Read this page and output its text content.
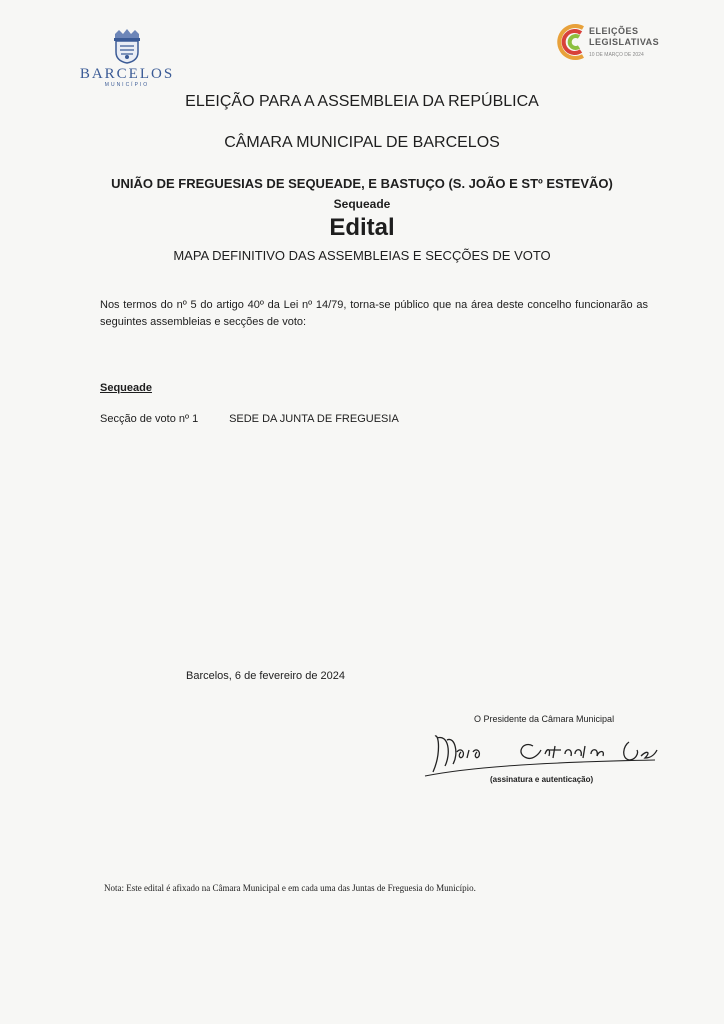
BARCELOS
MUNICÍPIO
ELEIÇÕES
LEGISLATIVAS
10 DE MARÇO DE 2024
ELEIÇÃO PARA A ASSEMBLEIA DA REPÚBLICA
CÂMARA MUNICIPAL DE BARCELOS
UNIÃO DE FREGUESIAS DE SEQUEADE, E BASTUÇO (S. JOÃO E STº ESTEVÃO)
Sequeade
Edital
MAPA DEFINITIVO DAS ASSEMBLEIAS E SECÇÕES DE VOTO
Nos termos do nº 5 do artigo 40º da Lei nº 14/79, torna-se público que na área deste concelho funcionarão as seguintes assembleias e secções de voto:
Sequeade
Secção de voto nº 1	SEDE DA JUNTA DE FREGUESIA
Barcelos, 6 de fevereiro de 2024
O Presidente da Câmara Municipal
(assinatura e autenticação)
Nota: Este edital é afixado na Câmara Municipal e em cada uma das Juntas de Freguesia do Município.
